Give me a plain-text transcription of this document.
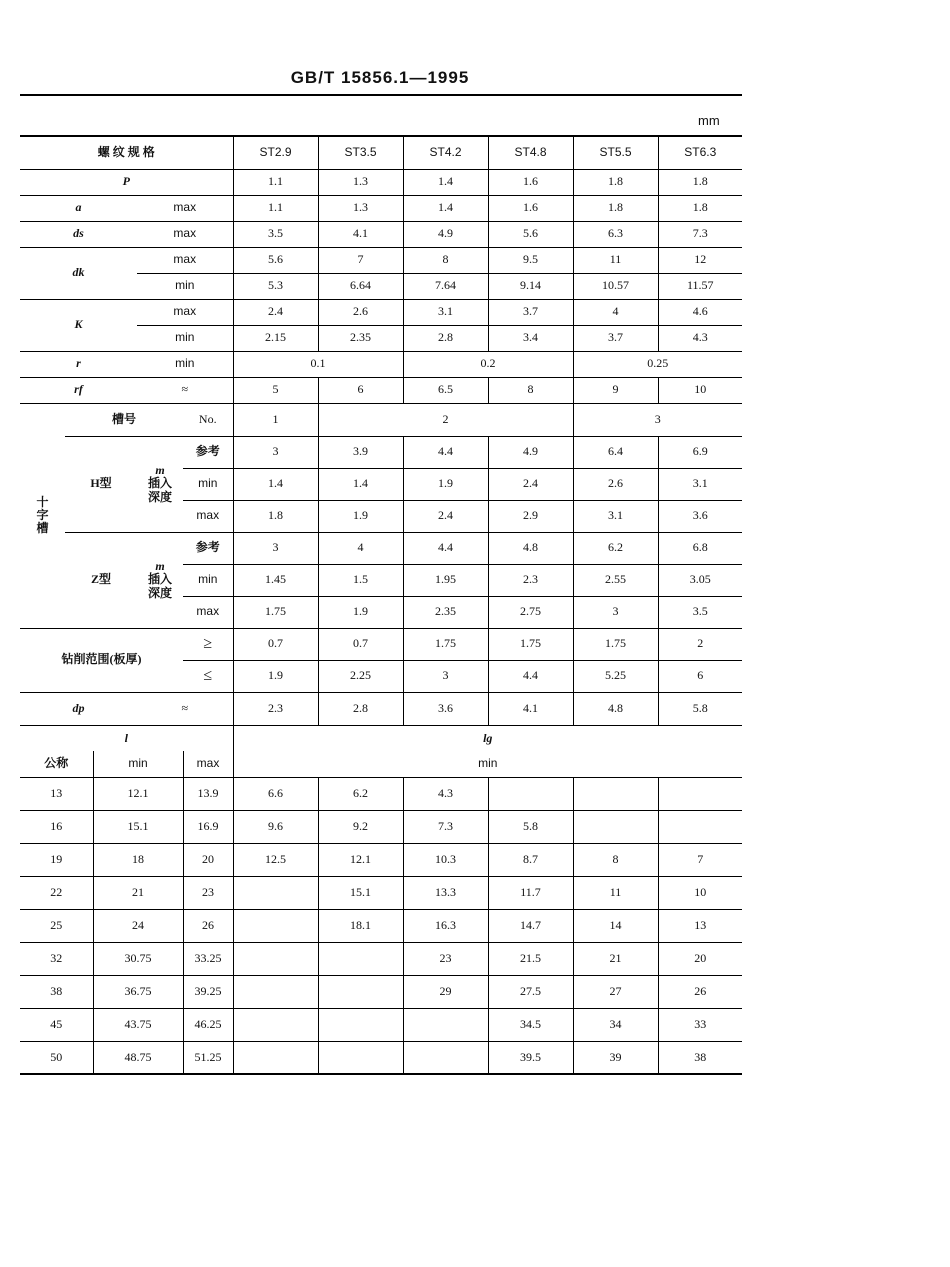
GB/T 15856.1—1995
mm
螺 纹 规 格					ST2.9	ST3.5	ST4.2	ST4.8	ST5.5	ST6.3
P					1.1	1.3	1.4	1.6	1.8	1.8
a			max		1.1	1.3	1.4	1.6	1.8	1.8
ds			max		3.5	4.1	4.9	5.6	6.3	7.3
dk			max		5.6	7	8	9.5	11	12
			min		5.3	6.64	7.64	9.14	10.57	11.57
K			max		2.4	2.6	3.1	3.7	4	4.6
			min		2.15	2.35	2.8	3.4	3.7	4.3
r			min		0.1		0.2		0.25	
rf			≈		5	6	6.5	8	9	10

十字槽	槽号			No.	1	2			3	
	H型		m
插入
深度	参考	3	3.9	4.4	4.9	6.4	6.9
				min	1.4	1.4	1.9	2.4	2.6	3.1
				max	1.8	1.9	2.4	2.9	3.1	3.6
	Z型		m
插入
深度	参考	3	4	4.4	4.8	6.2	6.8
				min	1.45	1.5	1.95	2.3	2.55	3.05
				max	1.75	1.9	2.35	2.75	3	3.5
钻削范围(板厚)				≥	0.7	0.7	1.75	1.75	1.75	2
				≤	1.9	2.25	3	4.4	5.25	6
dp			≈		2.3	2.8	3.6	4.1	4.8	5.8
l					lg					
公称		min		max	min					
13		12.1		13.9	6.6	6.2	4.3			
16		15.1		16.9	9.6	9.2	7.3	5.8		
19		18		20	12.5	12.1	10.3	8.7	8	7
22		21		23		15.1	13.3	11.7	11	10
25		24		26		18.1	16.3	14.7	14	13
32		30.75		33.25			23	21.5	21	20
38		36.75		39.25			29	27.5	27	26
45		43.75		46.25				34.5	34	33
50		48.75		51.25				39.5	39	38
